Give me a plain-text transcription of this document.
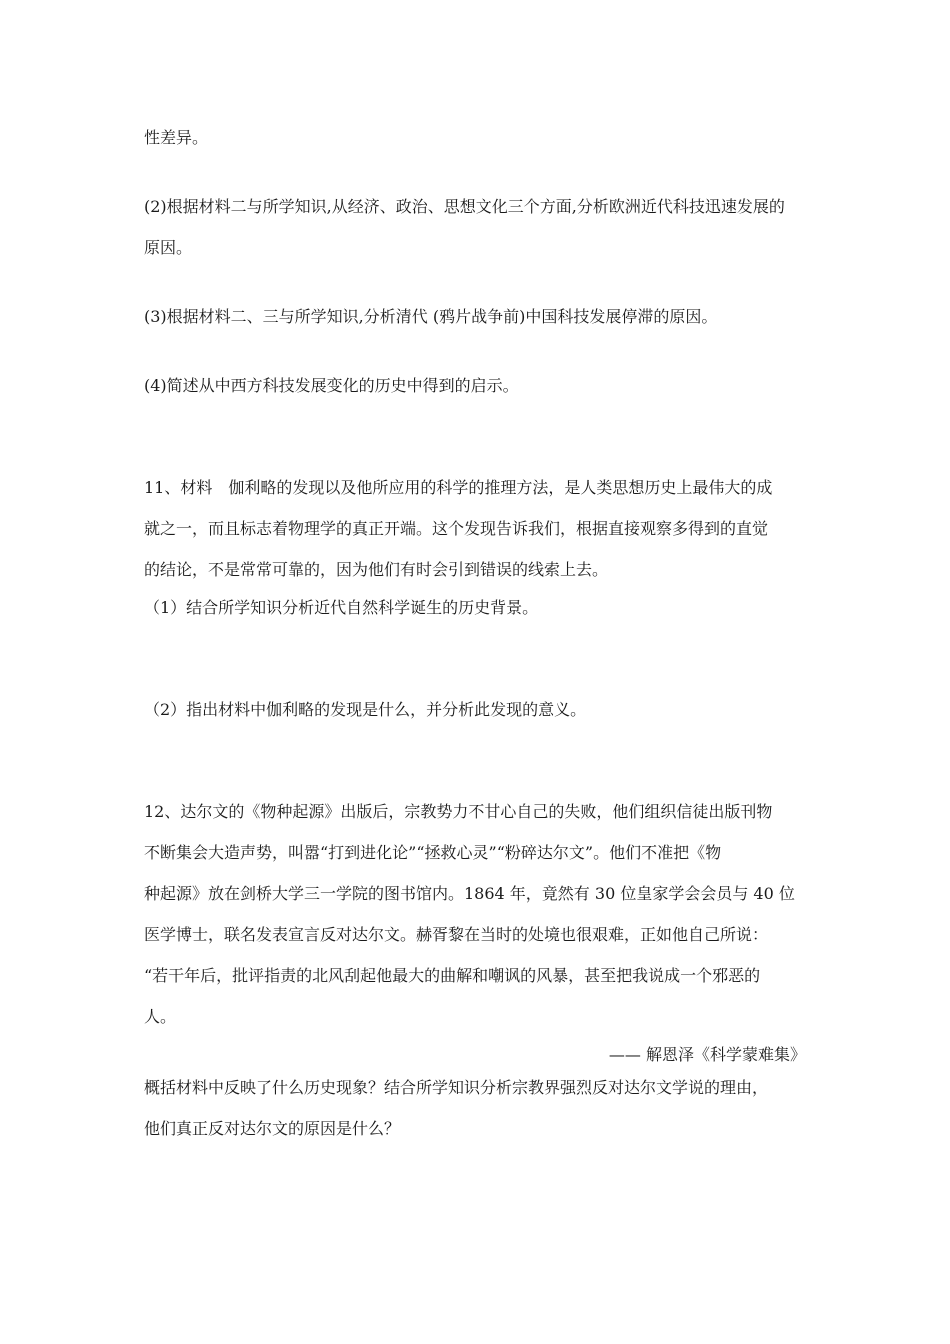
性差异。

(2)根据材料二与所学知识,从经济、政治、思想文化三个方面,分析欧洲近代科技迅速发展的

原因。

(3)根据材料二、三与所学知识,分析清代 (鸦片战争前)中国科技发展停滞的原因。

(4)简述从中西方科技发展变化的历史中得到的启示。

11、材料　伽利略的发现以及他所应用的科学的推理方法，是人类思想历史上最伟大的成

就之一，而且标志着物理学的真正开端。这个发现告诉我们，根据直接观察多得到的直觉

的结论，不是常常可靠的，因为他们有时会引到错误的线索上去。

（1）结合所学知识分析近代自然科学诞生的历史背景。

（2）指出材料中伽利略的发现是什么，并分析此发现的意义。

12、达尔文的《物种起源》出版后，宗教势力不甘心自己的失败，他们组织信徒出版刊物

不断集会大造声势，叫嚣“打到进化论”“拯救心灵”“粉碎达尔文”。他们不准把《物

种起源》放在剑桥大学三一学院的图书馆内。1864 年，竟然有 30 位皇家学会会员与 40 位

医学博士，联名发表宣言反对达尔文。赫胥黎在当时的处境也很艰难，正如他自己所说：

“若干年后，批评指责的北风刮起他最大的曲解和嘲讽的风暴，甚至把我说成一个邪恶的

人。

—— 解恩泽《科学蒙难集》

概括材料中反映了什么历史现象？结合所学知识分析宗教界强烈反对达尔文学说的理由，

他们真正反对达尔文的原因是什么？
